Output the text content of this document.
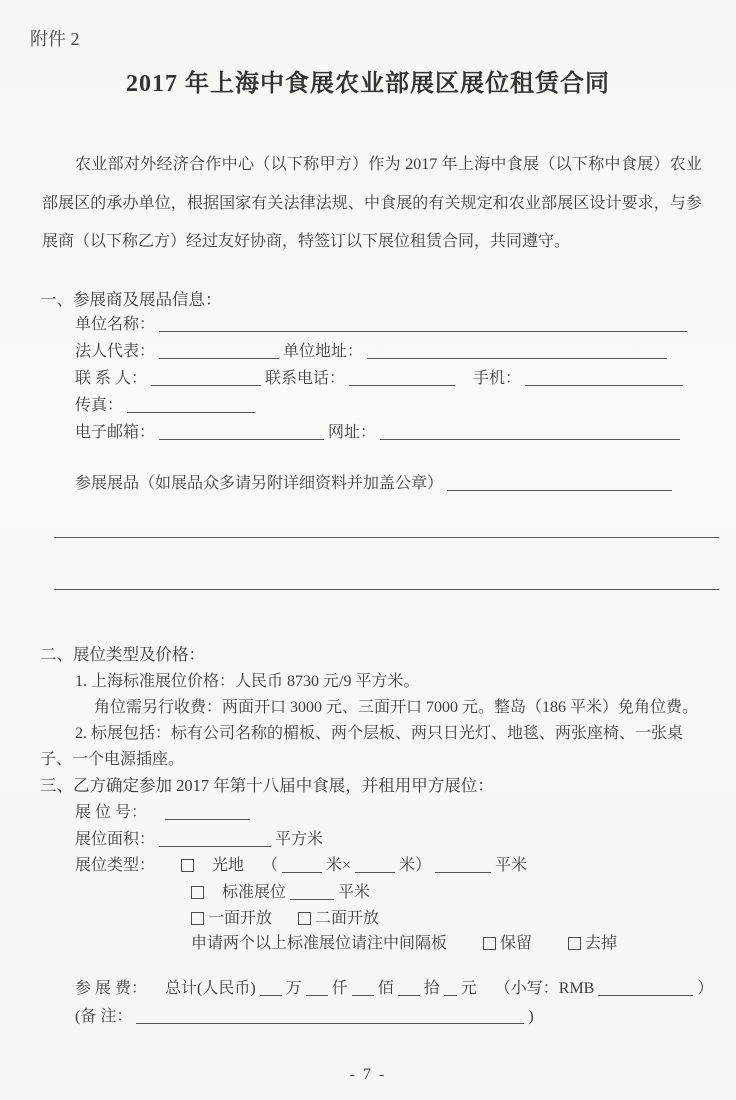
附件 2
2017 年上海中食展农业部展区展位租赁合同
农业部对外经济合作中心（以下称甲方）作为 2017 年上海中食展（以下称中食展）农业部展区的承办单位，根据国家有关法律法规、中食展的有关规定和农业部展区设计要求，与参展商（以下称乙方）经过友好协商，特签订以下展位租赁合同，共同遵守。
一、参展商及展品信息：
单位名称：
法人代表：	单位地址：
联 系 人：	联系电话：	手机：
传真：
电子邮箱：	网址：
参展展品（如展品众多请另附详细资料并加盖公章）
二、展位类型及价格：
1. 上海标准展位价格：人民币 8730 元/9 平方米。
角位需另行收费：两面开口 3000 元、三面开口 7000 元。整岛（186 平米）免角位费。
2. 标展包括：标有公司名称的楣板、两个层板、两只日光灯、地毯、两张座椅、一张桌
子、一个电源插座。
三、乙方确定参加 2017 年第十八届中食展，并租用甲方展位：
展 位 号：
展位面积：	平方米
展位类型：	光地 （	米×	米）	平米
标准展位	平米
一面开放	二面开放
申请两个以上标准展位请注中间隔板	保留	去掉
参 展 费： 总计(人民币) 万 仟 佰 拾 元 （小写：RMB	）
(备 注：	)
- 7 -
